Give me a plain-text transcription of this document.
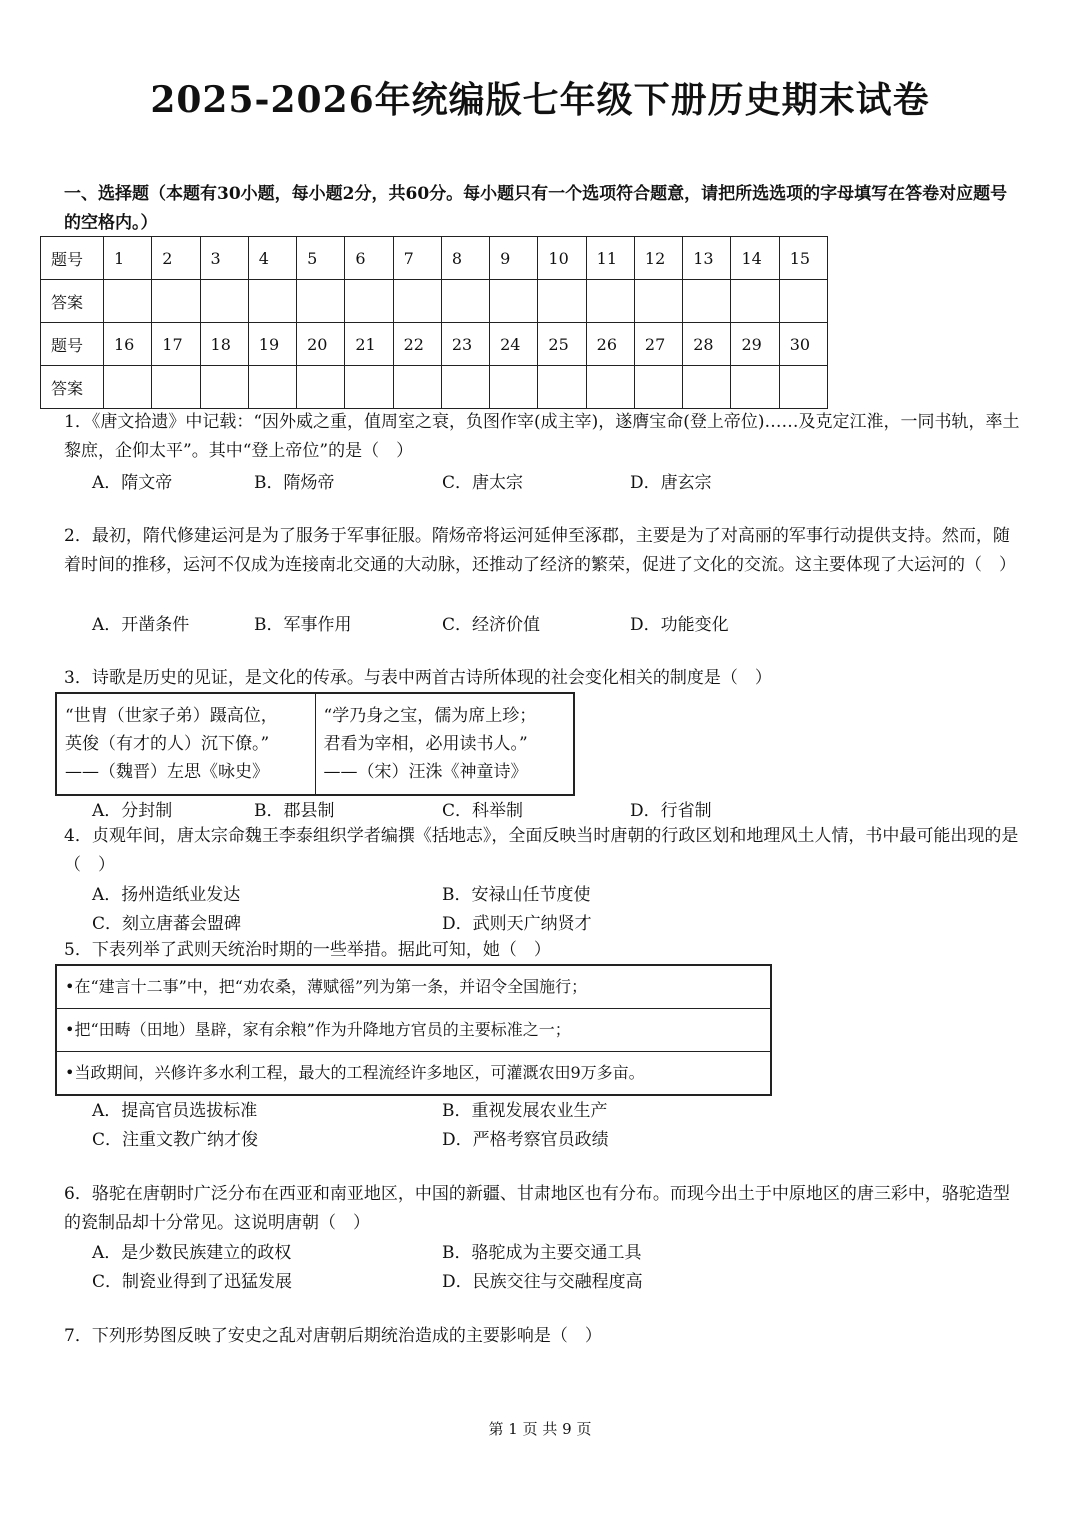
2025-2026年统编版七年级下册历史期末试卷
一、选择题（本题有30小题，每小题2分，共60分。每小题只有一个选项符合题意，请把所选选项的字母填写在答卷对应题号的空格内。）
题号	1	2	3	4	5	6	7	8	9	10	11	12	13	14	15
答案															
题号	16	17	18	19	20	21	22	23	24	25	26	27	28	29	30
答案															

1．《唐文拾遗》中记载：“因外威之重，值周室之衰，负图作宰(成主宰)，遂膺宝命(登上帝位)……及克定江淮，一同书轨，率土黎庶，企仰太平”。其中“登上帝位”的是（　）

A．隋文帝	B．隋炀帝	C．唐太宗	D．唐玄宗

2．最初，隋代修建运河是为了服务于军事征服。隋炀帝将运河延伸至涿郡，主要是为了对高丽的军事行动提供支持。然而，随着时间的推移，运河不仅成为连接南北交通的大动脉，还推动了经济的繁荣，促进了文化的交流。这主要体现了大运河的（　）

A．开凿条件	B．军事作用	C．经济价值	D．功能变化

3．诗歌是历史的见证，是文化的传承。与表中两首古诗所体现的社会变化相关的制度是（　）

“世胄（世家子弟）蹑高位，
英俊（有才的人）沉下僚。”
——（魏晋）左思《咏史》
“学乃身之宝，儒为席上珍；
君看为宰相，必用读书人。”
——（宋）汪洙《神童诗》
A．分封制	B．郡县制	C．科举制	D．行省制

4．贞观年间，唐太宗命魏王李泰组织学者编撰《括地志》，全面反映当时唐朝的行政区划和地理风土人情，书中最可能出现的是（　）

A．扬州造纸业发达	B．安禄山任节度使
C．刻立唐蕃会盟碑	D．武则天广纳贤才

5．下表列举了武则天统治时期的一些举措。据此可知，她（　）

•在“建言十二事”中，把“劝农桑，薄赋徭”列为第一条，并诏令全国施行；
•把“田畴（田地）垦辟，家有余粮”作为升降地方官员的主要标准之一；
•当政期间，兴修许多水利工程，最大的工程流经许多地区，可灌溉农田9万多亩。
A．提高官员选拔标准	B．重视发展农业生产
C．注重文教广纳才俊	D．严格考察官员政绩

6．骆驼在唐朝时广泛分布在西亚和南亚地区，中国的新疆、甘肃地区也有分布。而现今出土于中原地区的唐三彩中，骆驼造型的瓷制品却十分常见。这说明唐朝（　）

A．是少数民族建立的政权	B．骆驼成为主要交通工具
C．制瓷业得到了迅猛发展	D．民族交往与交融程度高

7．下列形势图反映了安史之乱对唐朝后期统治造成的主要影响是（　）

第 1 页 共 9 页
